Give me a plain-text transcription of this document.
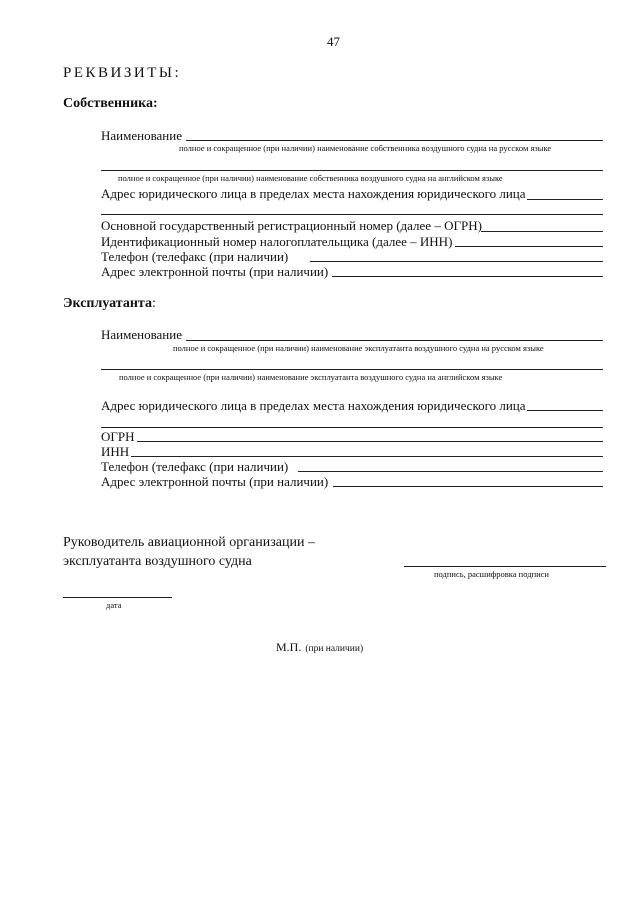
47
РЕКВИЗИТЫ:
Собственника:
Наименование
полное и сокращенное (при наличии) наименование собственника воздушного судна на русском языке
полное и сокращенное (при наличии) наименование собственника воздушного судна на английском языке
Адрес юридического лица в пределах места нахождения юридического лица
Основной государственный регистрационный номер (далее – ОГРН)
Идентификационный номер налогоплательщика (далее – ИНН)
Телефон (телефакс (при наличии)
Адрес электронной почты (при наличии)
Эксплуатанта:
Наименование
полное и сокращенное (при наличии) наименование эксплуатанта воздушного судна на русском языке
полное и сокращенное (при наличии) наименование эксплуатанта воздушного судна на английском языке
Адрес юридического лица в пределах места нахождения юридического лица
ОГРН
ИНН
Телефон (телефакс (при наличии)
Адрес электронной почты (при наличии)
Руководитель авиационной организации –
эксплуатанта воздушного судна
подпись, расшифровка подписи
дата
М.П. (при наличии)
